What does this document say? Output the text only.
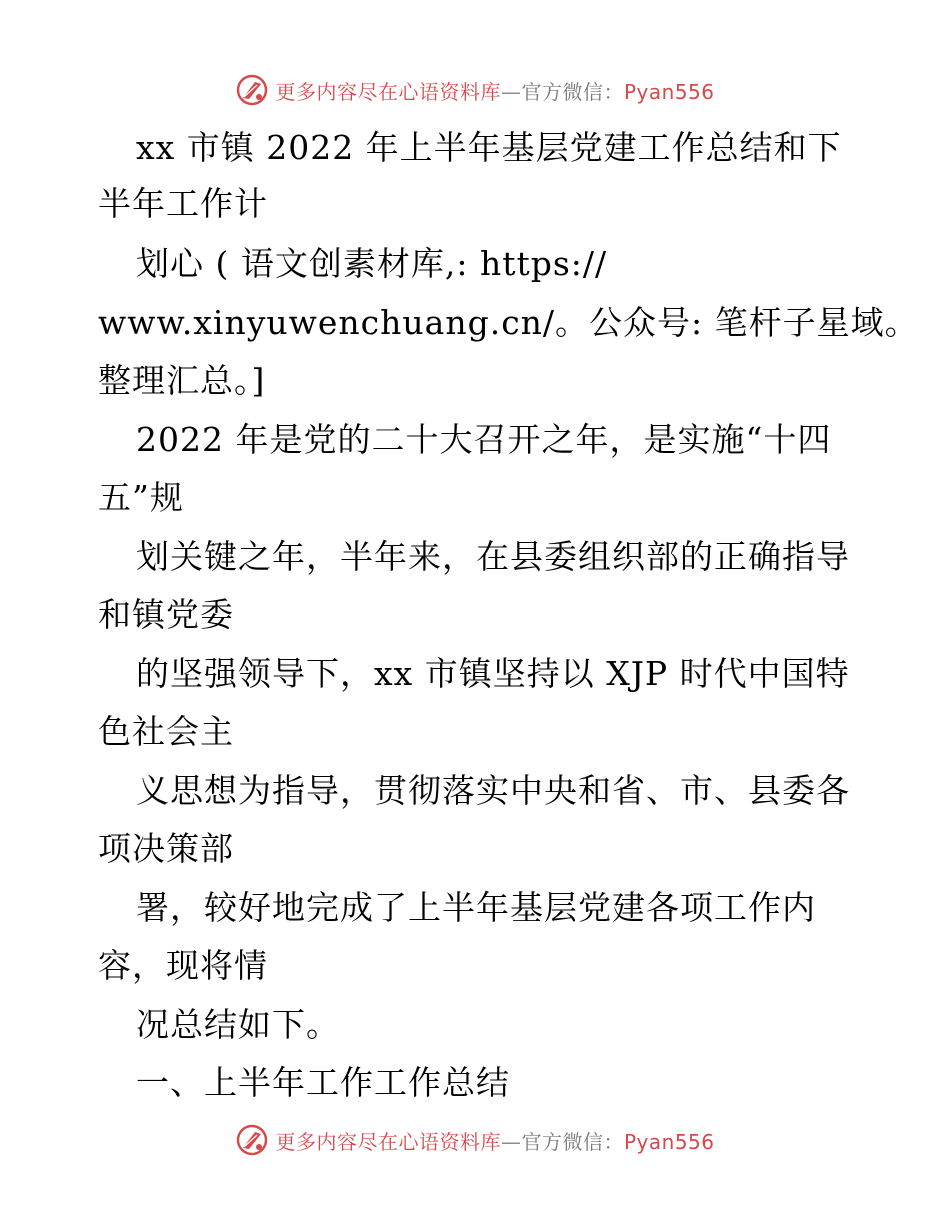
更多内容尽在心语资料库—官方微信：Pyan556
xx 市镇 2022 年上半年基层党建工作总结和下
半年工作计
划心 ( 语文创素材库,: https://
www.xinyuwenchuang.cn/。公众号: 笔杆子星域。
整理汇总。]
2022 年是党的二十大召开之年，是实施“十四
五”规
划关键之年，半年来，在县委组织部的正确指导
和镇党委
的坚强领导下，xx 市镇坚持以 XJP 时代中国特
色社会主
义思想为指导，贯彻落实中央和省、市、县委各
项决策部
署，较好地完成了上半年基层党建各项工作内
容，现将情
况总结如下。
一、上半年工作工作总结
更多内容尽在心语资料库—官方微信：Pyan556
